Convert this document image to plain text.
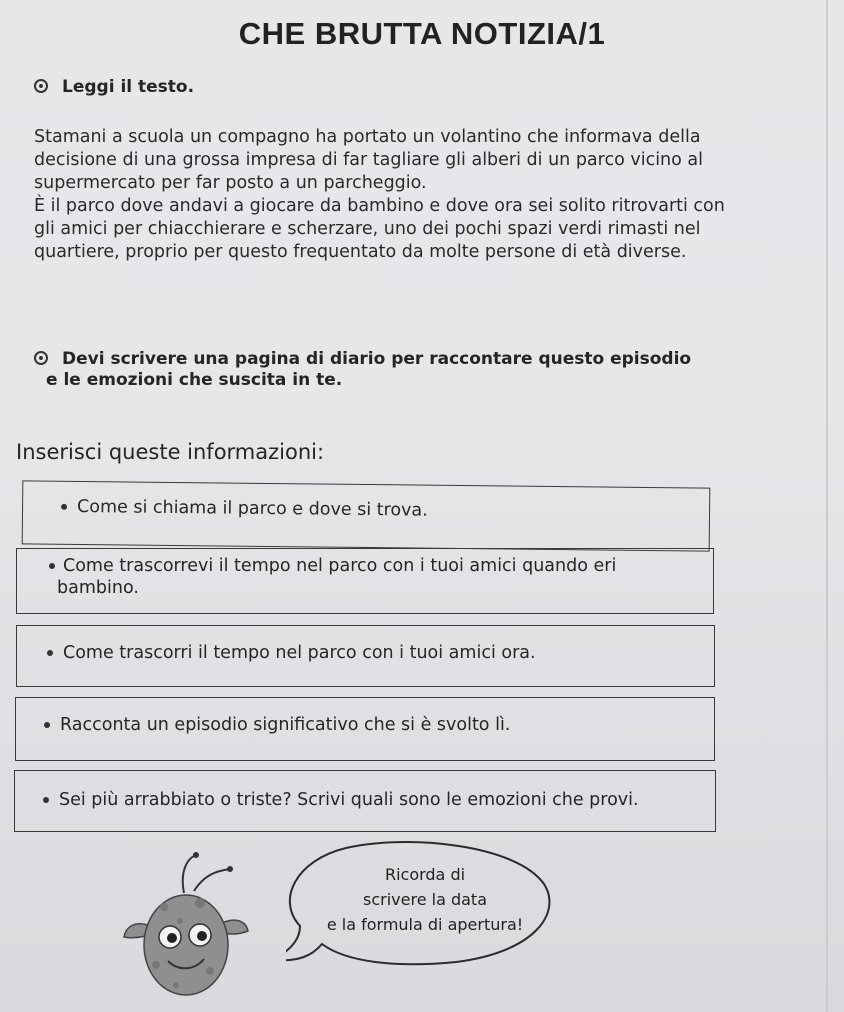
CHE BRUTTA NOTIZIA/1
Leggi il testo.
Stamani a scuola un compagno ha portato un volantino che informava della
decisione di una grossa impresa di far tagliare gli alberi di un parco vicino al
supermercato per far posto a un parcheggio.
È il parco dove andavi a giocare da bambino e dove ora sei solito ritrovarti con
gli amici per chiacchierare e scherzare, uno dei pochi spazi verdi rimasti nel
quartiere, proprio per questo frequentato da molte persone di età diverse.
Devi scrivere una pagina di diario per raccontare questo episodio
e le emozioni che suscita in te.
Inserisci queste informazioni:
Come si chiama il parco e dove si trova.
Come trascorrevi il tempo nel parco con i tuoi amici quando eri
bambino.
Come trascorri il tempo nel parco con i tuoi amici ora.
Racconta un episodio significativo che si è svolto lì.
Sei più arrabbiato o triste? Scrivi quali sono le emozioni che provi.
Ricorda di
scrivere la data
e la formula di apertura!
